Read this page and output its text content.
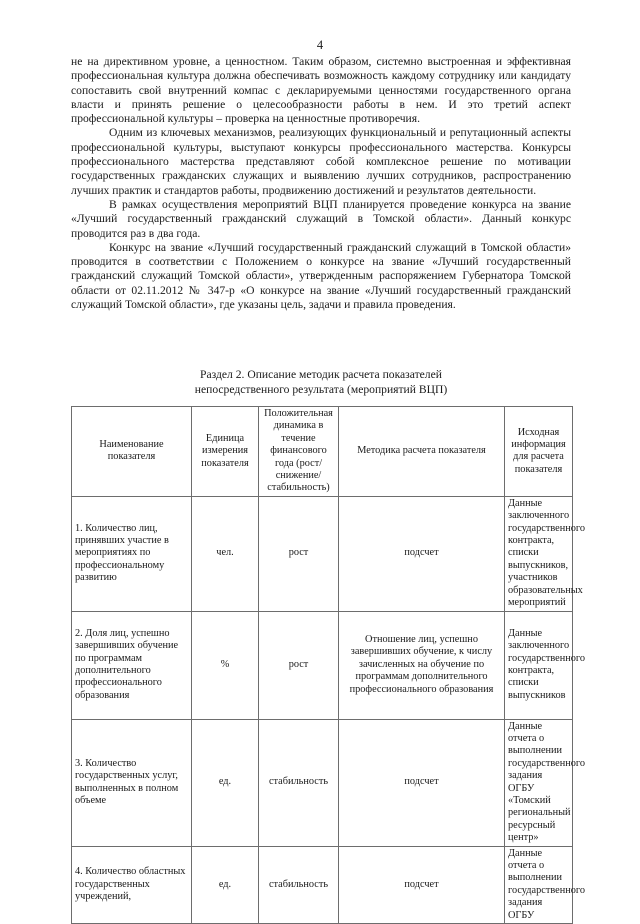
4

не на директивном уровне, а ценностном. Таким образом, системно выстроенная и эффективная профессиональная культура должна обеспечивать возможность каждому сотруднику или кандидату сопоставить свой внутренний компас с декларируемыми ценностями государственного органа власти и принять решение о целесообразности работы в нем. И это третий аспект профессиональной культуры – проверка на ценностные противоречия.

Одним из ключевых механизмов, реализующих функциональный и репутационный аспекты профессиональной культуры, выступают конкурсы профессионального мастерства. Конкурсы профессионального мастерства представляют собой комплексное решение по мотивации государственных гражданских служащих и выявлению лучших сотрудников, распространению лучших практик и стандартов работы, продвижению достижений и результатов деятельности.

В рамках осуществления мероприятий ВЦП планируется проведение конкурса на звание «Лучший государственный гражданский служащий в Томской области». Данный конкурс проводится раз в два года.

Конкурс на звание «Лучший государственный гражданский служащий в Томской области» проводится в соответствии с Положением о конкурсе на звание «Лучший государственный гражданский служащий Томской области», утвержденным распоряжением Губернатора Томской области от 02.11.2012 № 347-р «О конкурсе на звание «Лучший государственный гражданский служащий Томской области», где указаны цель, задачи и правила проведения.

Раздел 2. Описание методик расчета показателей
непосредственного результата (мероприятий ВЦП)
Наименование показателя	Единица измерения показателя	Положительная динамика в течение финансового года (рост/снижение/ стабильность)	Методика расчета показателя	Исходная информация для расчета показателя
1. Количество лиц, принявших участие в мероприятиях по профессиональному развитию	чел.	рост	подсчет	Данные заключенного государственного контракта, списки выпускников, участников образовательных мероприятий
2. Доля лиц, успешно завершивших обучение по программам дополнительного профессионального образования	%	рост	Отношение лиц, успешно завершивших обучение, к числу зачисленных на обучение по программам дополнительного профессионального образования	Данные заключенного государственного контракта, списки выпускников
3. Количество государственных услуг, выполненных в полном объеме	ед.	стабильность	подсчет	Данные отчета о выполнении государственного задания ОГБУ «Томский региональный ресурсный центр»
4. Количество областных государственных учреждений,	ед.	стабильность	подсчет	Данные отчета о выполнении государственного задания ОГБУ
